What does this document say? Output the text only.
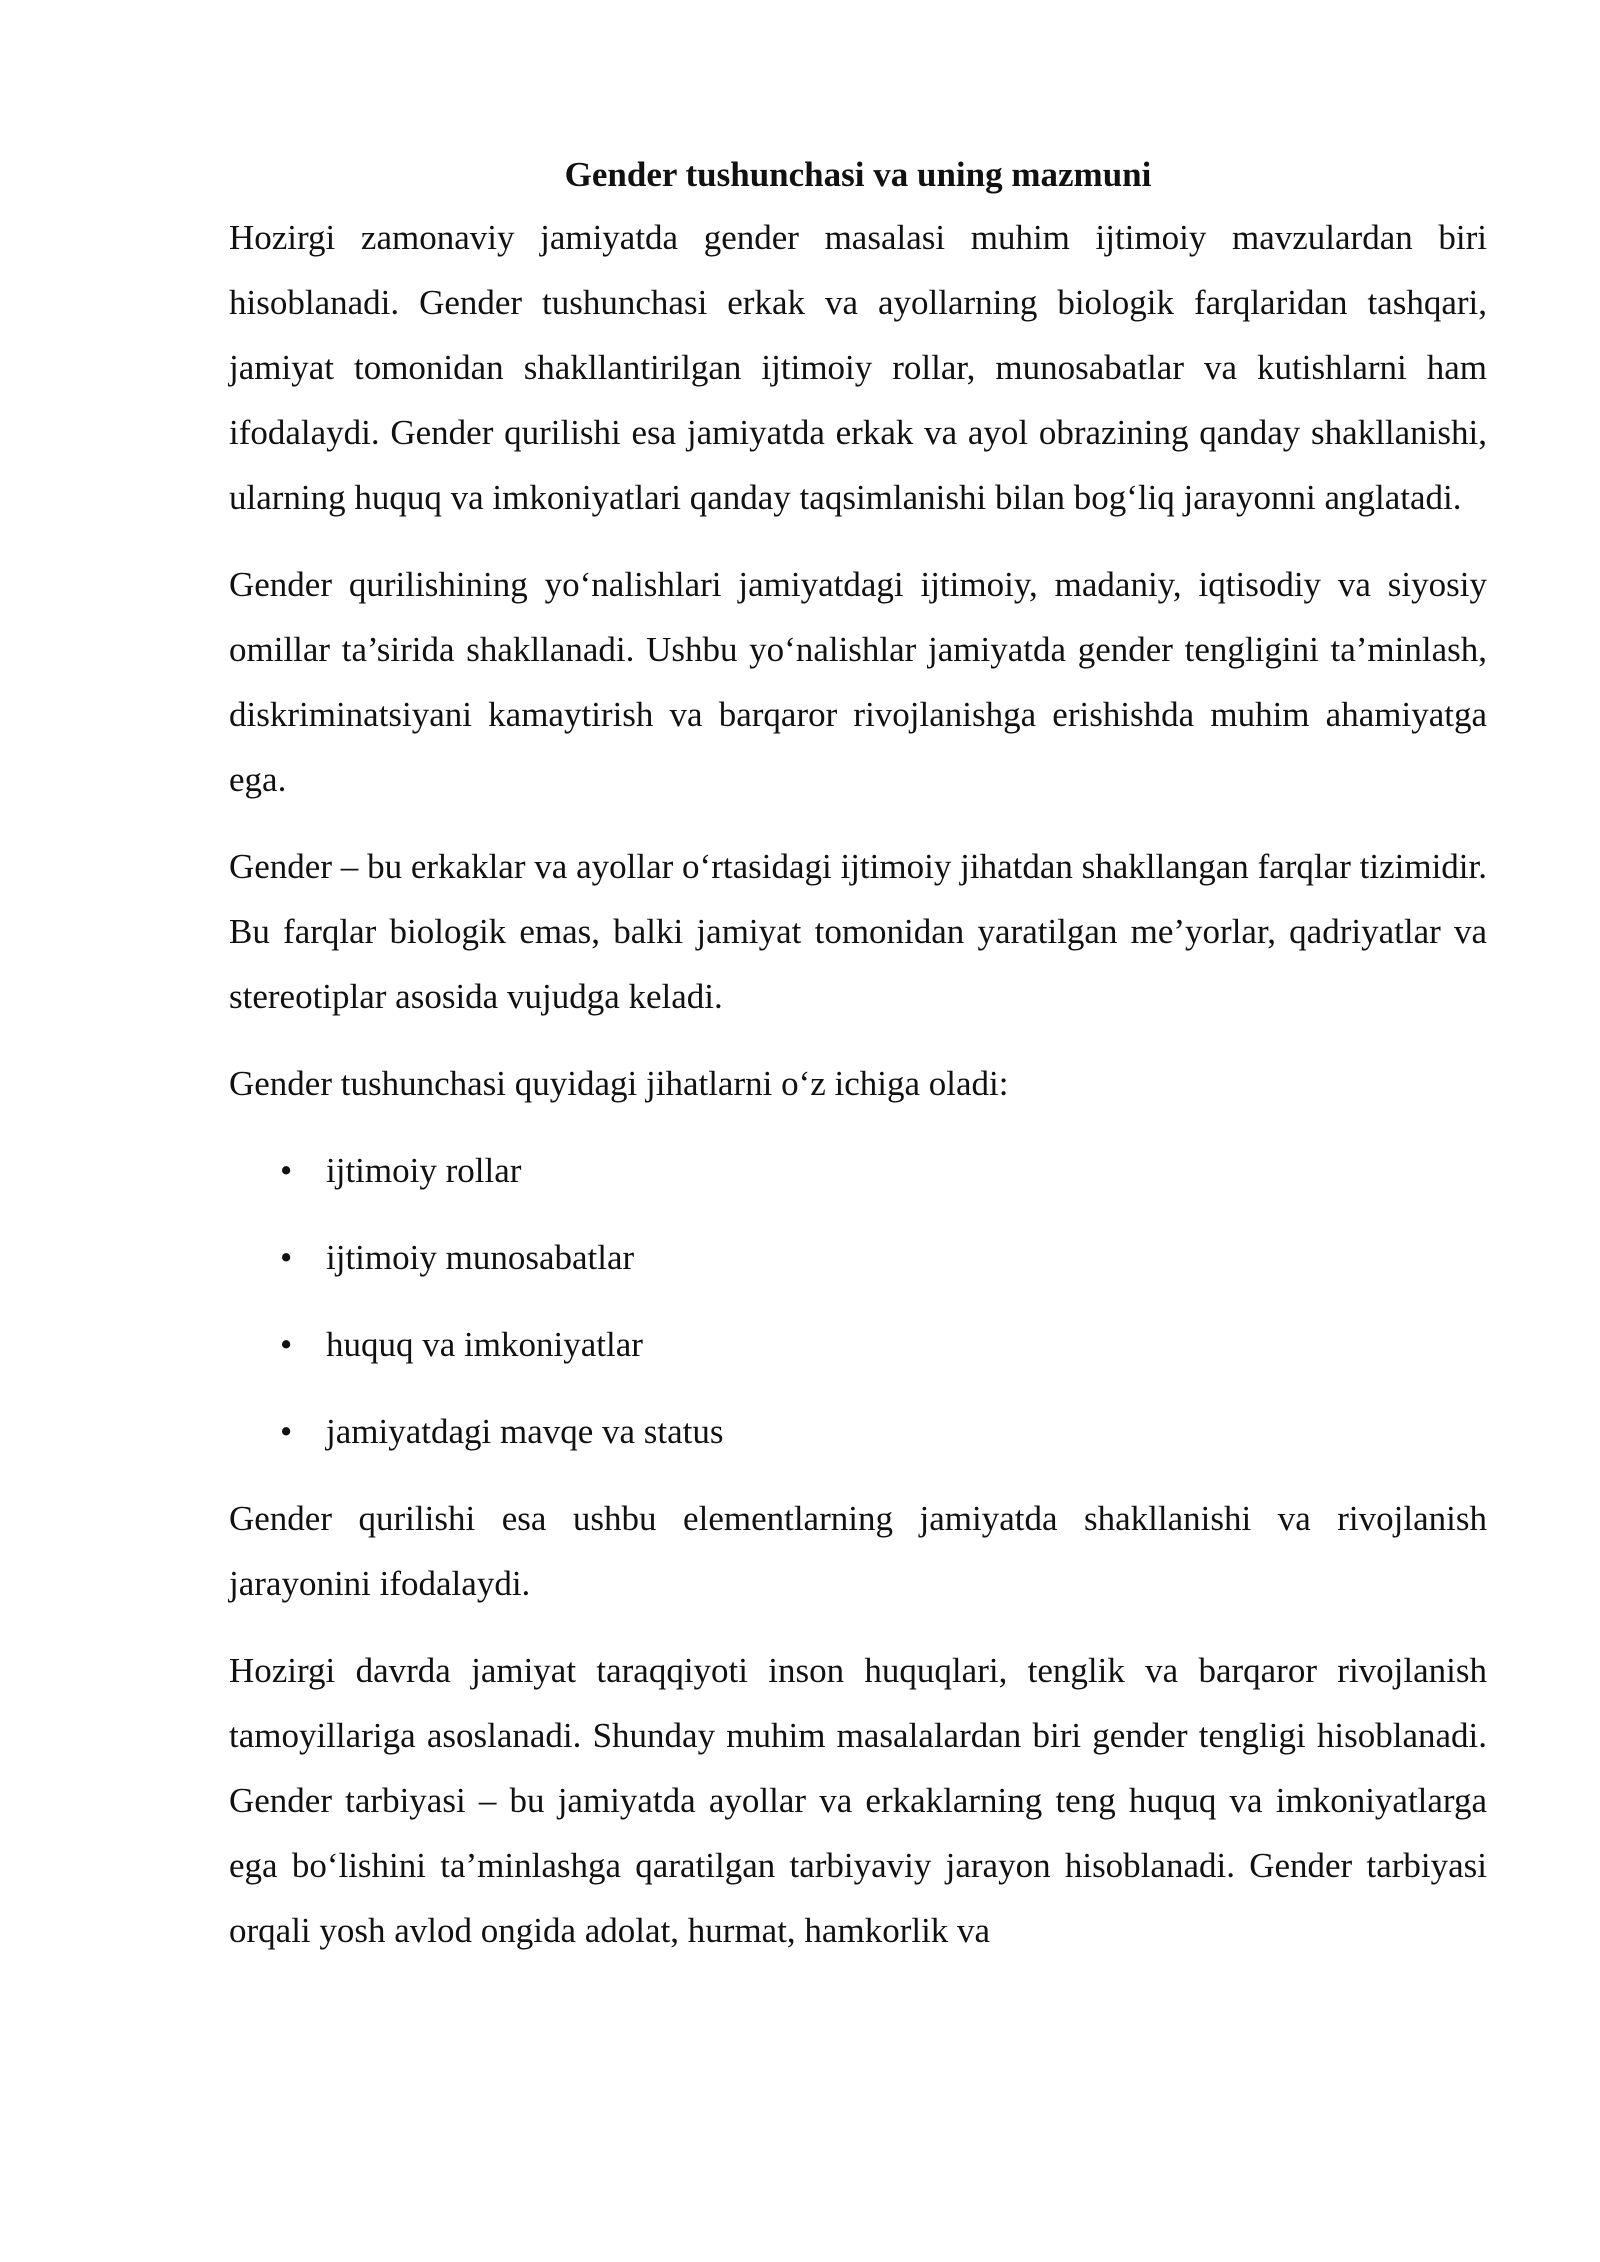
Gender tushunchasi va uning mazmuni

Hozirgi zamonaviy jamiyatda gender masalasi muhim ijtimoiy mavzulardan biri hisoblanadi. Gender tushunchasi erkak va ayollarning biologik farqlaridan tashqari, jamiyat tomonidan shakllantirilgan ijtimoiy rollar, munosabatlar va kutishlarni ham ifodalaydi. Gender qurilishi esa jamiyatda erkak va ayol obrazining qanday shakllanishi, ularning huquq va imkoniyatlari qanday taqsimlanishi bilan bog‘liq jarayonni anglatadi.

Gender qurilishining yo‘nalishlari jamiyatdagi ijtimoiy, madaniy, iqtisodiy va siyosiy omillar ta’sirida shakllanadi. Ushbu yo‘nalishlar jamiyatda gender tengligini ta’minlash, diskriminatsiyani kamaytirish va barqaror rivojlanishga erishishda muhim ahamiyatga ega.

Gender – bu erkaklar va ayollar o‘rtasidagi ijtimoiy jihatdan shakllangan farqlar tizimidir. Bu farqlar biologik emas, balki jamiyat tomonidan yaratilgan me’yorlar, qadriyatlar va stereotiplar asosida vujudga keladi.

Gender tushunchasi quyidagi jihatlarni o‘z ichiga oladi:

• ijtimoiy rollar
• ijtimoiy munosabatlar
• huquq va imkoniyatlar
• jamiyatdagi mavqe va status

Gender qurilishi esa ushbu elementlarning jamiyatda shakllanishi va rivojlanish jarayonini ifodalaydi.

Hozirgi davrda jamiyat taraqqiyoti inson huquqlari, tenglik va barqaror rivojlanish tamoyillariga asoslanadi. Shunday muhim masalalardan biri gender tengligi hisoblanadi. Gender tarbiyasi – bu jamiyatda ayollar va erkaklarning teng huquq va imkoniyatlarga ega bo‘lishini ta’minlashga qaratilgan tarbiyaviy jarayon hisoblanadi. Gender tarbiyasi orqali yosh avlod ongida adolat, hurmat, hamkorlik va
